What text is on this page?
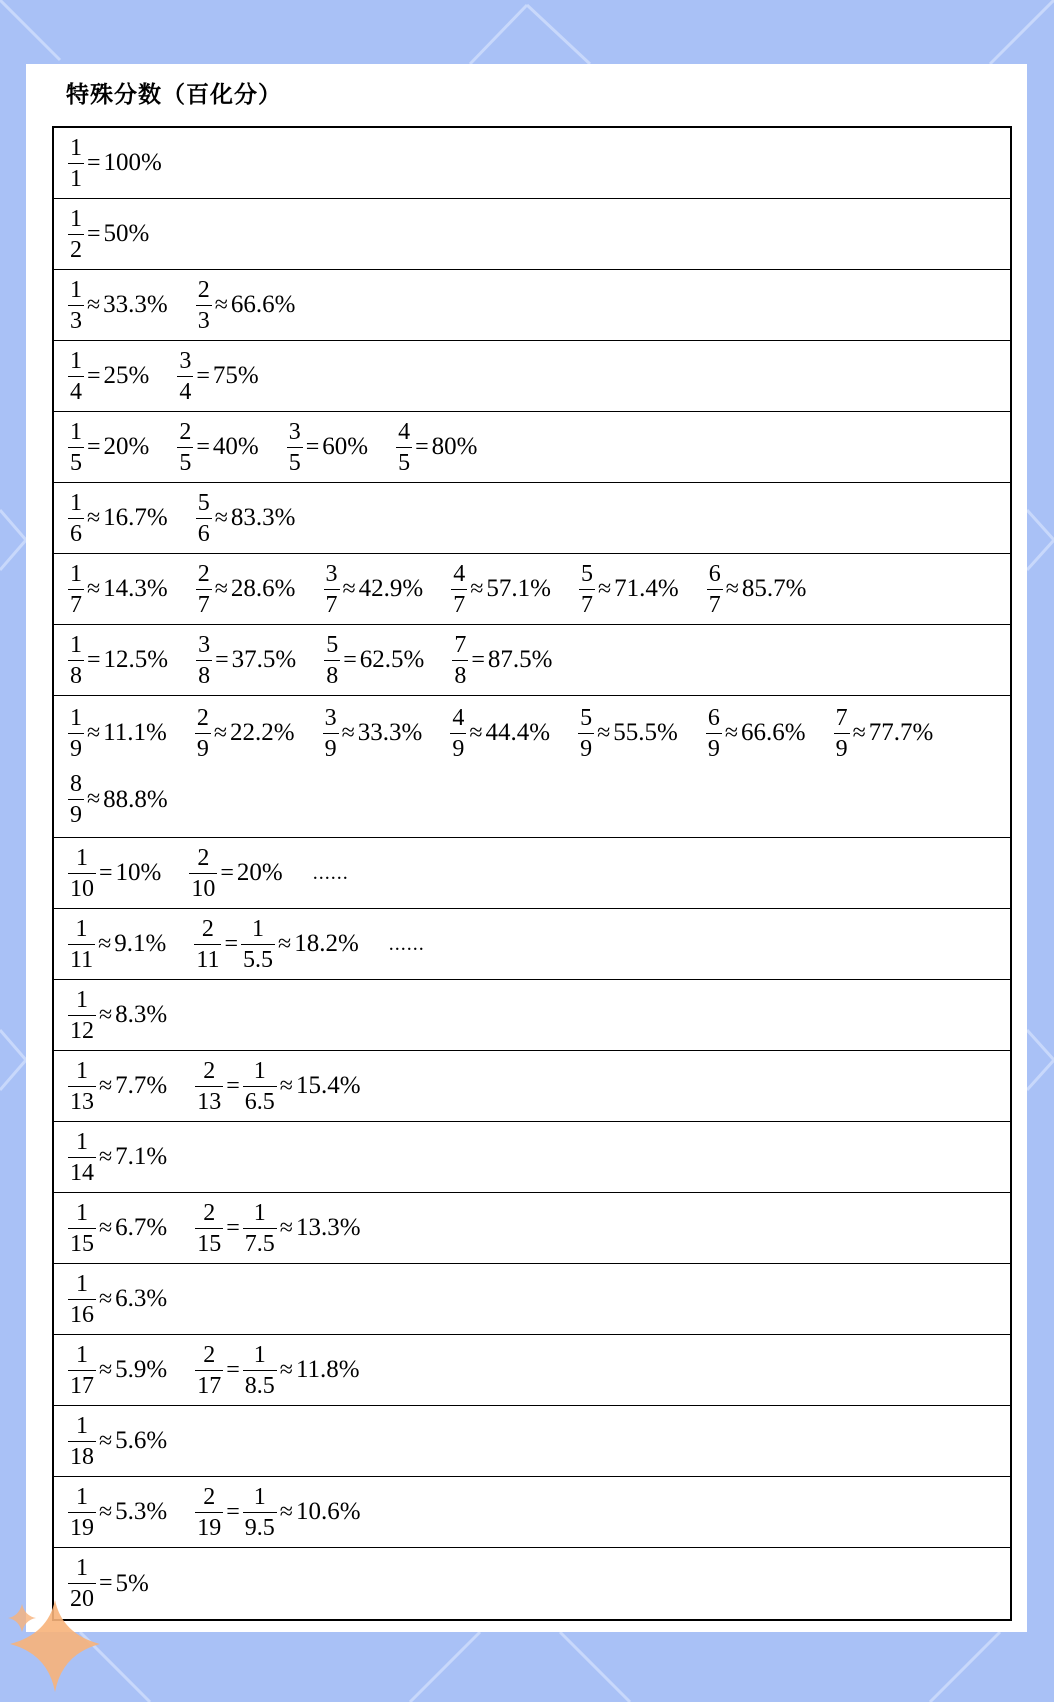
特殊分数（百化分）
$\frac{1}{1} = 100\%$
$\frac{1}{2} = 50\%$
$\frac{1}{3} \approx 33.3\% \frac{2}{3} \approx 66.6\%$
$\frac{1}{4} = 25\% \frac{3}{4} = 75\%$
$\frac{1}{5} = 20\% \frac{2}{5} = 40\% \frac{3}{5} = 60\% \frac{4}{5} = 80\%$
$\frac{1}{6} \approx 16.7\% \frac{5}{6} \approx 83.3\%$
$\frac{1}{7} \approx 14.3\% \frac{2}{7} \approx 28.6\% \frac{3}{7} \approx 42.9\% \frac{4}{7} \approx 57.1\% \frac{5}{7} \approx 71.4\% \frac{6}{7} \approx 85.7\%$
$\frac{1}{8} = 12.5\% \frac{3}{8} = 37.5\% \frac{5}{8} = 62.5\% \frac{7}{8} = 87.5\%$
$\frac{1}{9} \approx 11.1\% \frac{2}{9} \approx 22.2\% \frac{3}{9} \approx 33.3\% \frac{4}{9} \approx 44.4\% \frac{5}{9} \approx 55.5\% \frac{6}{9} \approx 66.6\% \frac{7}{9} \approx 77.7\%$
$\frac{8}{9} \approx 88.8\%$
$\frac{1}{10} = 10\% \frac{2}{10} = 20\%$ ......
$\frac{1}{11} \approx 9.1\% \frac{2}{11} = \frac{1}{5.5} \approx 18.2\%$ ......
$\frac{1}{12} \approx 8.3\%$
$\frac{1}{13} \approx 7.7\% \frac{2}{13} = \frac{1}{6.5} \approx 15.4\%$
$\frac{1}{14} \approx 7.1\%$
$\frac{1}{15} \approx 6.7\% \frac{2}{15} = \frac{1}{7.5} \approx 13.3\%$
$\frac{1}{16} \approx 6.3\%$
$\frac{1}{17} \approx 5.9\% \frac{2}{17} = \frac{1}{8.5} \approx 11.8\%$
$\frac{1}{18} \approx 5.6\%$
$\frac{1}{19} \approx 5.3\% \frac{2}{19} = \frac{1}{9.5} \approx 10.6\%$
$\frac{1}{20} = 5\%$
